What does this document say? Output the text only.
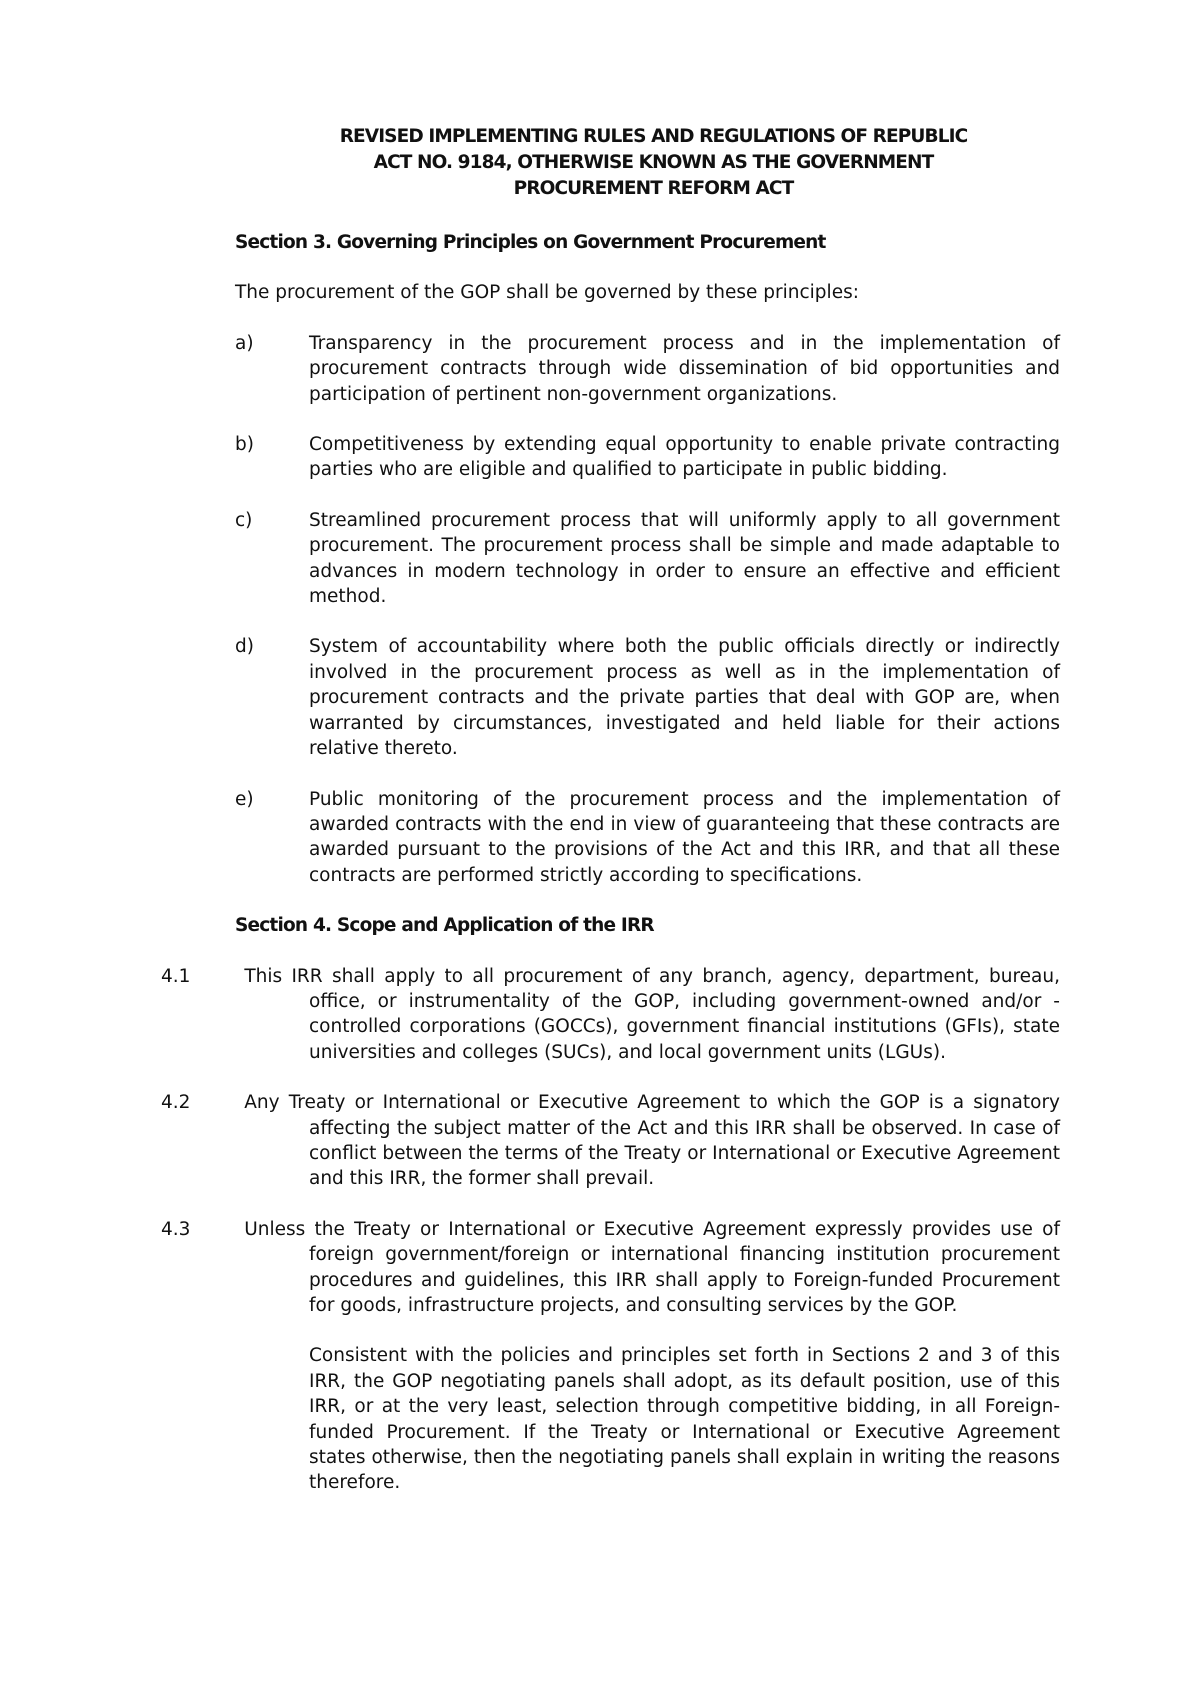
REVISED IMPLEMENTING RULES AND REGULATIONS OF REPUBLIC
ACT NO. 9184, OTHERWISE KNOWN AS THE GOVERNMENT
PROCUREMENT REFORM ACT
Section 3. Governing Principles on Government Procurement
The procurement of the GOP shall be governed by these principles:
a)	Transparency in the procurement process and in the implementation of procurement contracts through wide dissemination of bid opportunities and participation of pertinent non-government organizations.
b)	Competitiveness by extending equal opportunity to enable private contracting parties who are eligible and qualified to participate in public bidding.
c)	Streamlined procurement process that will uniformly apply to all government procurement. The procurement process shall be simple and made adaptable to advances in modern technology in order to ensure an effective and efficient method.
d)	System of accountability where both the public officials directly or indirectly involved in the procurement process as well as in the implementation of procurement contracts and the private parties that deal with GOP are, when warranted by circumstances, investigated and held liable for their actions relative thereto.
e)	Public monitoring of the procurement process and the implementation of awarded contracts with the end in view of guaranteeing that these contracts are awarded pursuant to the provisions of the Act and this IRR, and that all these contracts are performed strictly according to specifications.
Section 4. Scope and Application of the IRR
4.1	This IRR shall apply to all procurement of any branch, agency, department, bureau, office, or instrumentality of the GOP, including government-owned and/or -controlled corporations (GOCCs), government financial institutions (GFIs), state universities and colleges (SUCs), and local government units (LGUs).
4.2	Any Treaty or International or Executive Agreement to which the GOP is a signatory affecting the subject matter of the Act and this IRR shall be observed. In case of conflict between the terms of the Treaty or International or Executive Agreement and this IRR, the former shall prevail.
4.3	Unless the Treaty or International or Executive Agreement expressly provides use of foreign government/foreign or international financing institution procurement procedures and guidelines, this IRR shall apply to Foreign-funded Procurement for goods, infrastructure projects, and consulting services by the GOP.
Consistent with the policies and principles set forth in Sections 2 and 3 of this IRR, the GOP negotiating panels shall adopt, as its default position, use of this IRR, or at the very least, selection through competitive bidding, in all Foreign-funded Procurement. If the Treaty or International or Executive Agreement states otherwise, then the negotiating panels shall explain in writing the reasons therefore.
